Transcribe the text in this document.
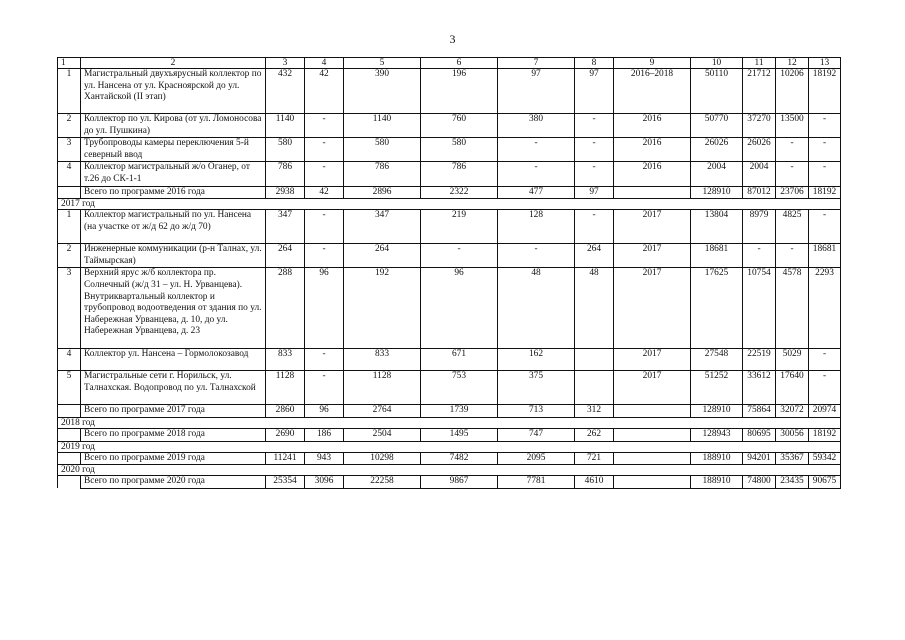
3
1	2	3	4	5	6	7	8	9	10	11	12	13
1	Магистральный двухъярусный коллектор по ул. Нансена от ул. Красноярской до ул. Хантайской (II этап)	432	42	390	196	97	97	2016–2018	50110	21712	10206	18192
2	Коллектор по ул. Кирова (от ул. Ломоносова до ул. Пушкина)	1140	-	1140	760	380	-	2016	50770	37270	13500	-
3	Трубопроводы камеры переключения 5-й северный ввод	580	-	580	580	-	-	2016	26026	26026	-	-
4	Коллектор магистральный ж/о Оганер, от т.26 до СК-1-1	786	-	786	786	-	-	2016	2004	2004	-	-
	Всего по программе 2016 года	2938	42	2896	2322	477	97		128910	87012	23706	18192
2017 год												
1	Коллектор магистральный по ул. Нансена (на участке от ж/д 62 до ж/д 70)	347	-	347	219	128	-	2017	13804	8979	4825	-
2	Инженерные коммуникации (р-н Талнах, ул. Таймырская)	264	-	264	-	-	264	2017	18681	-	-	18681
3	Верхний ярус ж/б коллектора пр. Солнечный (ж/д 31 – ул. Н. Урванцева). Внутриквартальный коллектор и трубопровод водоотведения от здания по ул. Набережная Урванцева, д. 10, до ул. Набережная Урванцева, д. 23	288	96	192	96	48	48	2017	17625	10754	4578	2293
4	Коллектор ул. Нансена – Гормолокозавод	833	-	833	671	162		2017	27548	22519	5029	-
5	Магистральные сети г. Норильск, ул. Талнахская. Водопровод по ул. Талнахской	1128	-	1128	753	375		2017	51252	33612	17640	-
	Всего по программе 2017 года	2860	96	2764	1739	713	312		128910	75864	32072	20974
2018 год												
	Всего по программе 2018 года	2690	186	2504	1495	747	262		128943	80695	30056	18192
2019 год												
	Всего по программе 2019 года	11241	943	10298	7482	2095	721		188910	94201	35367	59342
2020 год												
	Всего по программе 2020 года	25354	3096	22258	9867	7781	4610		188910	74800	23435	90675
